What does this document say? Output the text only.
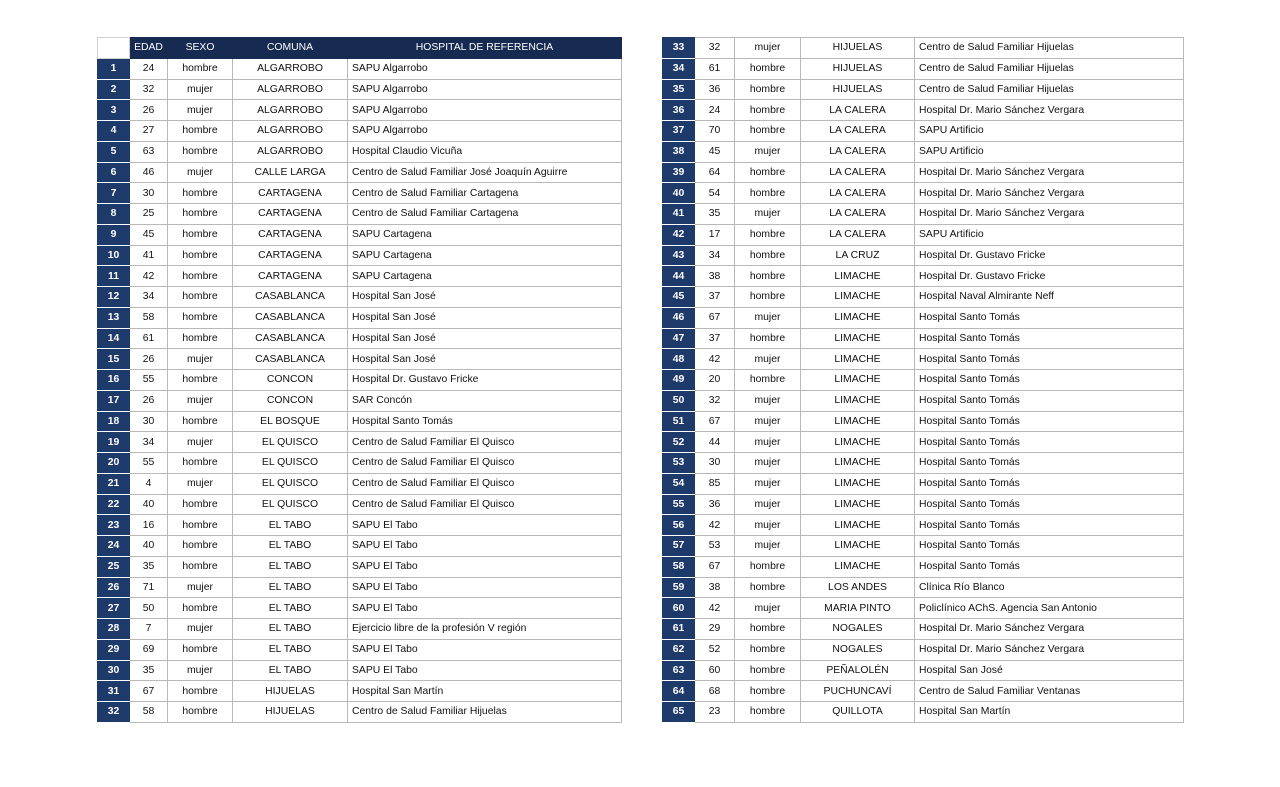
	EDAD	SEXO	COMUNA	HOSPITAL DE REFERENCIA
1	24	hombre	ALGARROBO	SAPU Algarrobo
2	32	mujer	ALGARROBO	SAPU Algarrobo
3	26	mujer	ALGARROBO	SAPU Algarrobo
4	27	hombre	ALGARROBO	SAPU Algarrobo
5	63	hombre	ALGARROBO	Hospital Claudio Vicuña
6	46	mujer	CALLE LARGA	Centro de Salud Familiar José Joaquín Aguirre
7	30	hombre	CARTAGENA	Centro de Salud Familiar Cartagena
8	25	hombre	CARTAGENA	Centro de Salud Familiar Cartagena
9	45	hombre	CARTAGENA	SAPU Cartagena
10	41	hombre	CARTAGENA	SAPU Cartagena
11	42	hombre	CARTAGENA	SAPU Cartagena
12	34	hombre	CASABLANCA	Hospital San José
13	58	hombre	CASABLANCA	Hospital San José
14	61	hombre	CASABLANCA	Hospital San José
15	26	mujer	CASABLANCA	Hospital San José
16	55	hombre	CONCON	Hospital Dr. Gustavo Fricke
17	26	mujer	CONCON	SAR Concón
18	30	hombre	EL BOSQUE	Hospital Santo Tomás
19	34	mujer	EL QUISCO	Centro de Salud Familiar El Quisco
20	55	hombre	EL QUISCO	Centro de Salud Familiar El Quisco
21	4	mujer	EL QUISCO	Centro de Salud Familiar El Quisco
22	40	hombre	EL QUISCO	Centro de Salud Familiar El Quisco
23	16	hombre	EL TABO	SAPU El Tabo
24	40	hombre	EL TABO	SAPU El Tabo
25	35	hombre	EL TABO	SAPU El Tabo
26	71	mujer	EL TABO	SAPU El Tabo
27	50	hombre	EL TABO	SAPU El Tabo
28	7	mujer	EL TABO	Ejercicio libre de la profesión V región
29	69	hombre	EL TABO	SAPU El Tabo
30	35	mujer	EL TABO	SAPU El Tabo
31	67	hombre	HIJUELAS	Hospital San Martín
32	58	hombre	HIJUELAS	Centro de Salud Familiar Hijuelas
33	32	mujer	HIJUELAS	Centro de Salud Familiar Hijuelas
34	61	hombre	HIJUELAS	Centro de Salud Familiar Hijuelas
35	36	hombre	HIJUELAS	Centro de Salud Familiar Hijuelas
36	24	hombre	LA CALERA	Hospital Dr. Mario Sánchez Vergara
37	70	hombre	LA CALERA	SAPU Artificio
38	45	mujer	LA CALERA	SAPU Artificio
39	64	hombre	LA CALERA	Hospital Dr. Mario Sánchez Vergara
40	54	hombre	LA CALERA	Hospital Dr. Mario Sánchez Vergara
41	35	mujer	LA CALERA	Hospital Dr. Mario Sánchez Vergara
42	17	hombre	LA CALERA	SAPU Artificio
43	34	hombre	LA CRUZ	Hospital Dr. Gustavo Fricke
44	38	hombre	LIMACHE	Hospital Dr. Gustavo Fricke
45	37	hombre	LIMACHE	Hospital Naval Almirante Neff
46	67	mujer	LIMACHE	Hospital Santo Tomás
47	37	hombre	LIMACHE	Hospital Santo Tomás
48	42	mujer	LIMACHE	Hospital Santo Tomás
49	20	hombre	LIMACHE	Hospital Santo Tomás
50	32	mujer	LIMACHE	Hospital Santo Tomás
51	67	mujer	LIMACHE	Hospital Santo Tomás
52	44	mujer	LIMACHE	Hospital Santo Tomás
53	30	mujer	LIMACHE	Hospital Santo Tomás
54	85	mujer	LIMACHE	Hospital Santo Tomás
55	36	mujer	LIMACHE	Hospital Santo Tomás
56	42	mujer	LIMACHE	Hospital Santo Tomás
57	53	mujer	LIMACHE	Hospital Santo Tomás
58	67	hombre	LIMACHE	Hospital Santo Tomás
59	38	hombre	LOS ANDES	Clínica Río Blanco
60	42	mujer	MARIA PINTO	Policlínico AChS. Agencia San Antonio
61	29	hombre	NOGALES	Hospital Dr. Mario Sánchez Vergara
62	52	hombre	NOGALES	Hospital Dr. Mario Sánchez Vergara
63	60	hombre	PEÑALOLÉN	Hospital San José
64	68	hombre	PUCHUNCAVÍ	Centro de Salud Familiar Ventanas
65	23	hombre	QUILLOTA	Hospital San Martín
